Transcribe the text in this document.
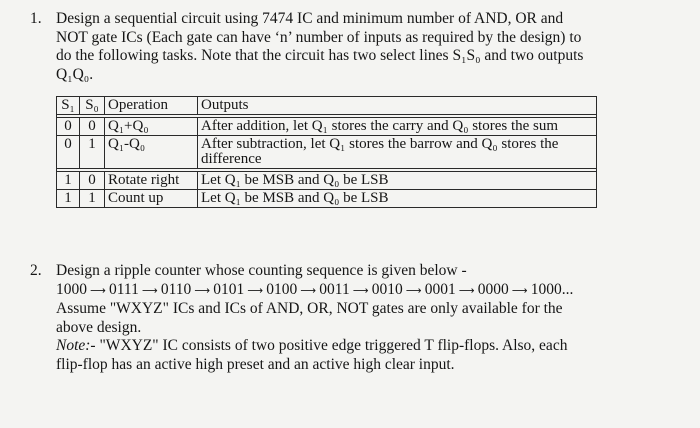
1. Design a sequential circuit using 7474 IC and minimum number of AND, OR and

NOT gate ICs (Each gate can have ‘n’ number of inputs as required by the design) to

do the following tasks. Note that the circuit has two select lines S₁S₀ and two outputs

Q₁Q₀.

S₁	S₀	Operation	Outputs

0	0	Q₁+Q₀	After addition, let Q₁ stores the carry and Q₀ stores the sum
0	1	Q₁-Q₀	After subtraction, let Q₁ stores the barrow and Q₀ stores the difference

1	0	Rotate right	Let Q₁ be MSB and Q₀ be LSB
1	1	Count up	Let Q₁ be MSB and Q₀ be LSB
2. Design a ripple counter whose counting sequence is given below -

1000 ⟶ 0111 ⟶ 0110 ⟶ 0101 ⟶ 0100 ⟶ 0011 ⟶ 0010 ⟶ 0001 ⟶ 0000 ⟶ 1000...

Assume "WXYZ" ICs and ICs of AND, OR, NOT gates are only available for the

above design.

Note:- "WXYZ" IC consists of two positive edge triggered T flip-flops. Also, each

flip-flop has an active high preset and an active high clear input.
